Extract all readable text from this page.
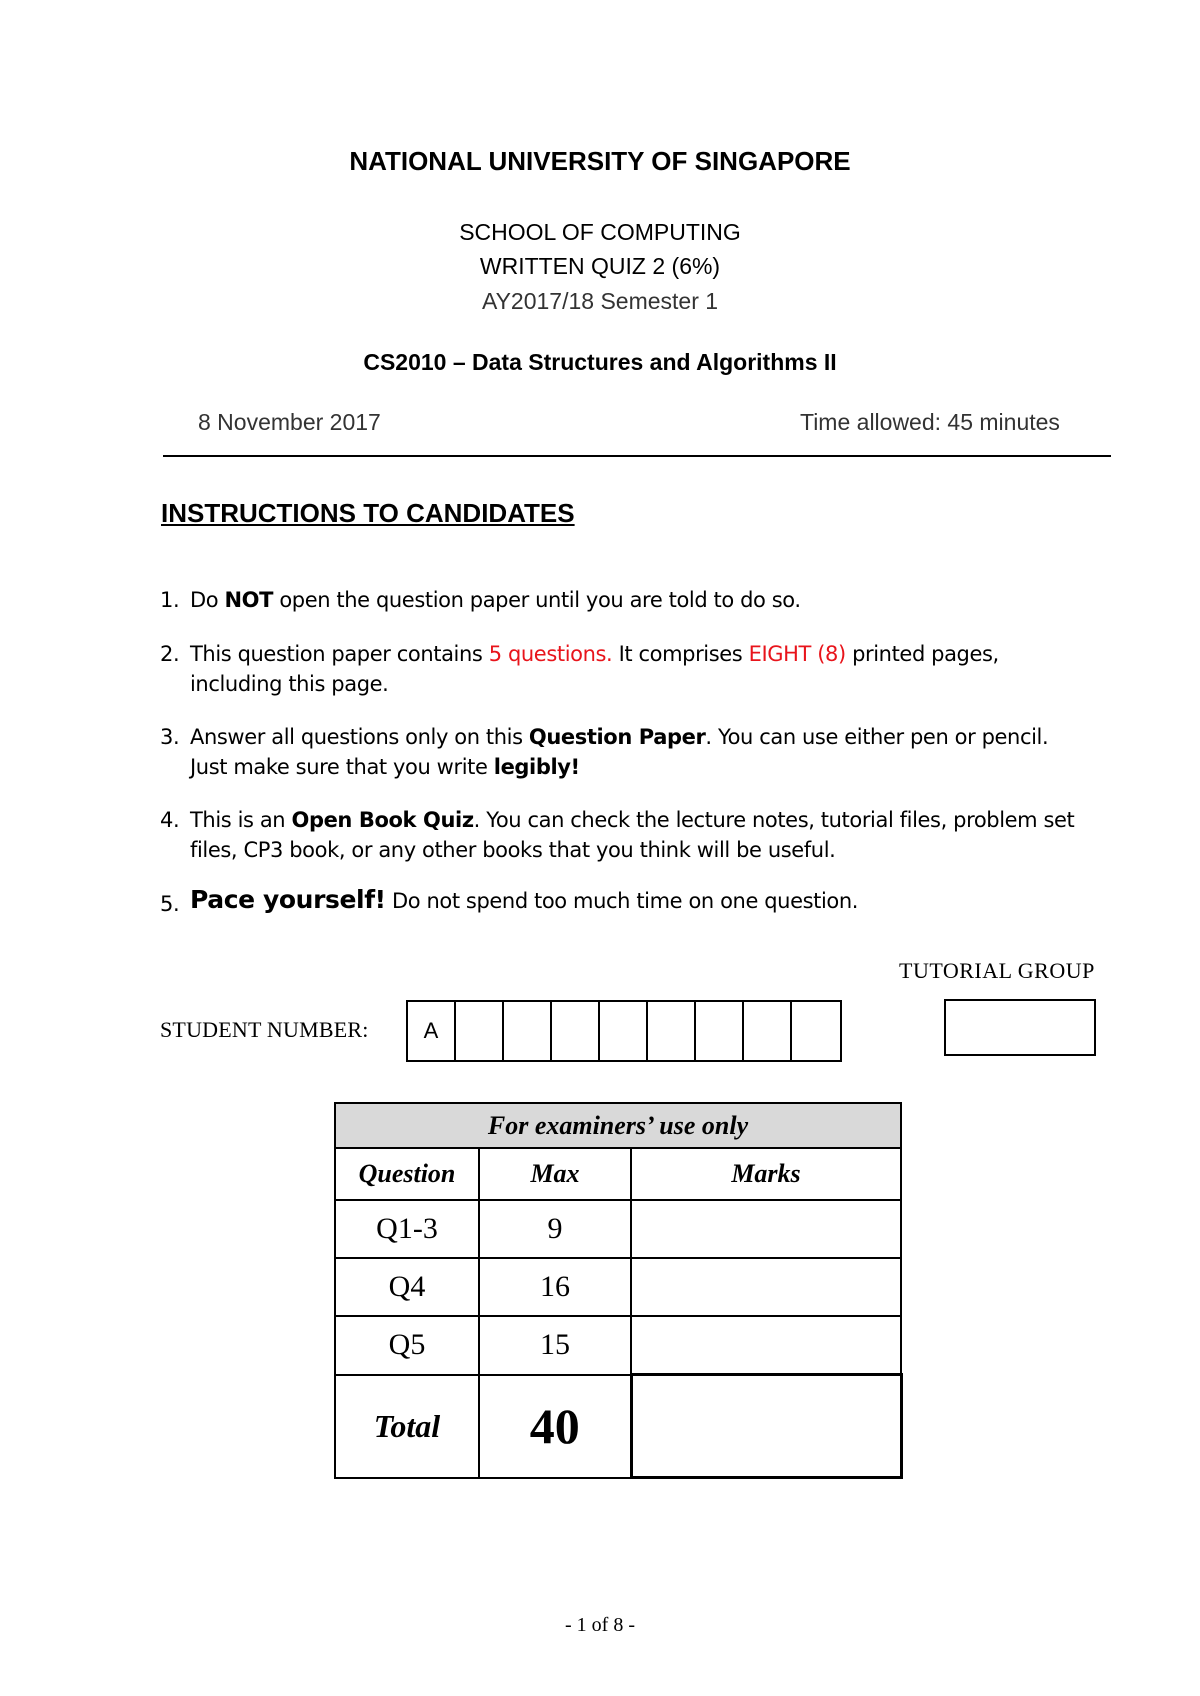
NATIONAL UNIVERSITY OF SINGAPORE
SCHOOL OF COMPUTING
WRITTEN QUIZ 2 (6%)
AY2017/18 Semester 1
CS2010 – Data Structures and Algorithms II
8 November 2017	Time allowed: 45 minutes
INSTRUCTIONS TO CANDIDATES
1. Do NOT open the question paper until you are told to do so.
2. This question paper contains 5 questions. It comprises EIGHT (8) printed pages, including this page.
3. Answer all questions only on this Question Paper. You can use either pen or pencil. Just make sure that you write legibly!
4. This is an Open Book Quiz. You can check the lecture notes, tutorial files, problem set files, CP3 book, or any other books that you think will be useful.
5. Pace yourself! Do not spend too much time on one question.
TUTORIAL GROUP
STUDENT NUMBER:	A
For examiners’ use only		
Question	Max	Marks
Q1-3	9	
Q4	16	
Q5	15	
Total	40	
- 1 of 8 -
